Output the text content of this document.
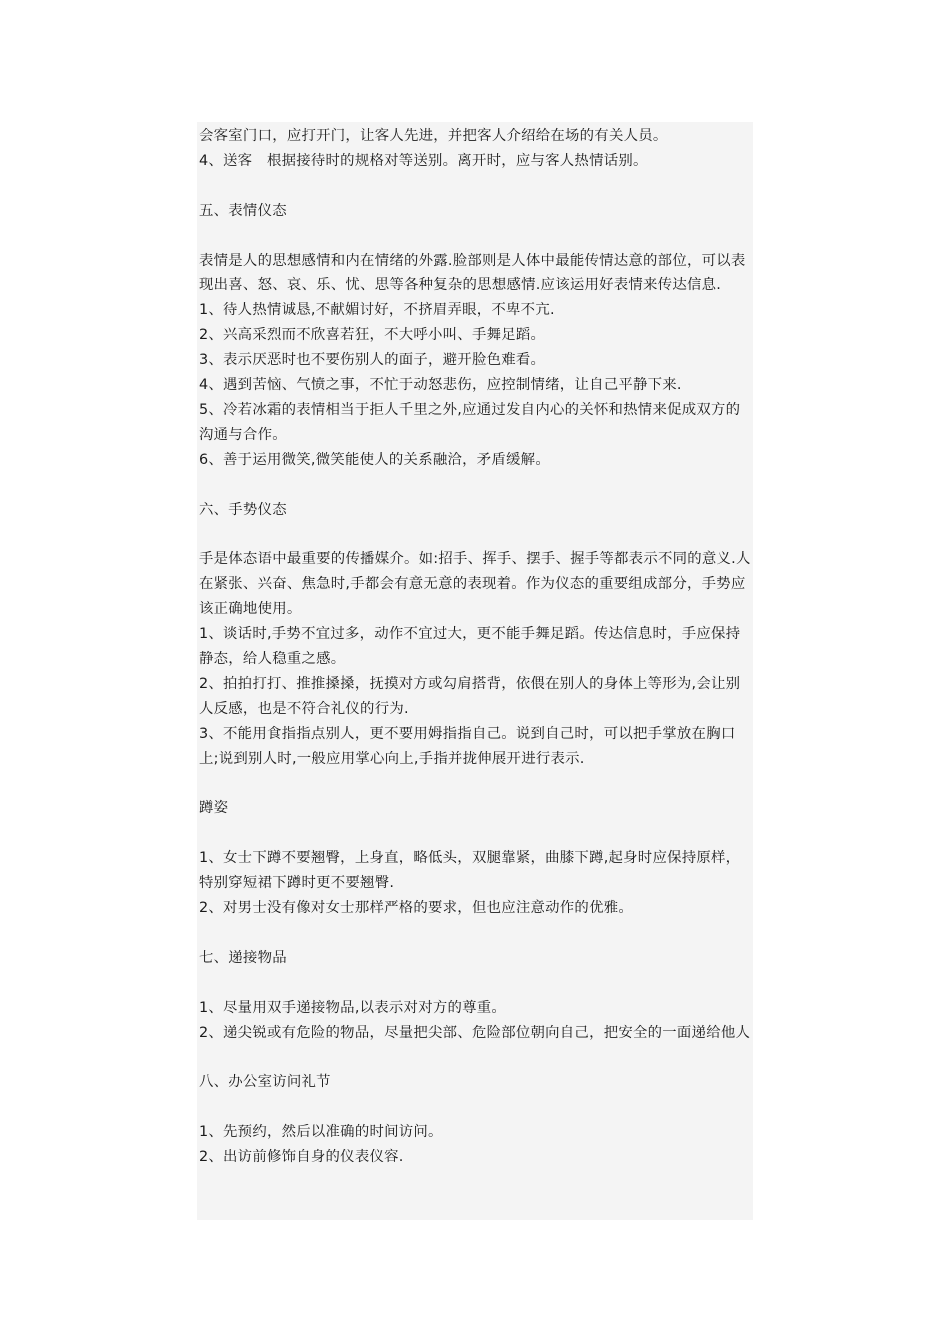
会客室门口，应打开门，让客人先进，并把客人介绍给在场的有关人员。

4、送客　根据接待时的规格对等送别。离开时，应与客人热情话别。

五、表情仪态

表情是人的思想感情和内在情绪的外露.脸部则是人体中最能传情达意的部位，可以表现出喜、怒、哀、乐、忧、思等各种复杂的思想感情.应该运用好表情来传达信息.

1、待人热情诚恳,不献媚讨好，不挤眉弄眼，不卑不亢.

2、兴高采烈而不欣喜若狂，不大呼小叫、手舞足蹈。

3、表示厌恶时也不要伤别人的面子，避开脸色难看。

4、遇到苦恼、气愤之事，不忙于动怒悲伤，应控制情绪，让自己平静下来.

5、冷若冰霜的表情相当于拒人千里之外,应通过发自内心的关怀和热情来促成双方的沟通与合作。

6、善于运用微笑,微笑能使人的关系融洽，矛盾缓解。

六、手势仪态

手是体态语中最重要的传播媒介。如:招手、挥手、摆手、握手等都表示不同的意义.人在紧张、兴奋、焦急时,手都会有意无意的表现着。作为仪态的重要组成部分，手势应该正确地使用。

1、谈话时,手势不宜过多，动作不宜过大，更不能手舞足蹈。传达信息时，手应保持静态，给人稳重之感。

2、拍拍打打、推推搡搡，抚摸对方或勾肩搭背，依偎在别人的身体上等形为,会让别人反感，也是不符合礼仪的行为.

3、不能用食指指点别人，更不要用姆指指自己。说到自己时，可以把手掌放在胸口上;说到别人时,一般应用掌心向上,手指并拢伸展开进行表示.

蹲姿

1、女士下蹲不要翘臀，上身直，略低头，双腿靠紧，曲膝下蹲,起身时应保持原样，特别穿短裙下蹲时更不要翘臀.

2、对男士没有像对女士那样严格的要求，但也应注意动作的优雅。

七、递接物品

1、尽量用双手递接物品,以表示对对方的尊重。

2、递尖锐或有危险的物品，尽量把尖部、危险部位朝向自己，把安全的一面递给他人

八、办公室访问礼节

1、先预约，然后以准确的时间访问。

2、出访前修饰自身的仪表仪容.
